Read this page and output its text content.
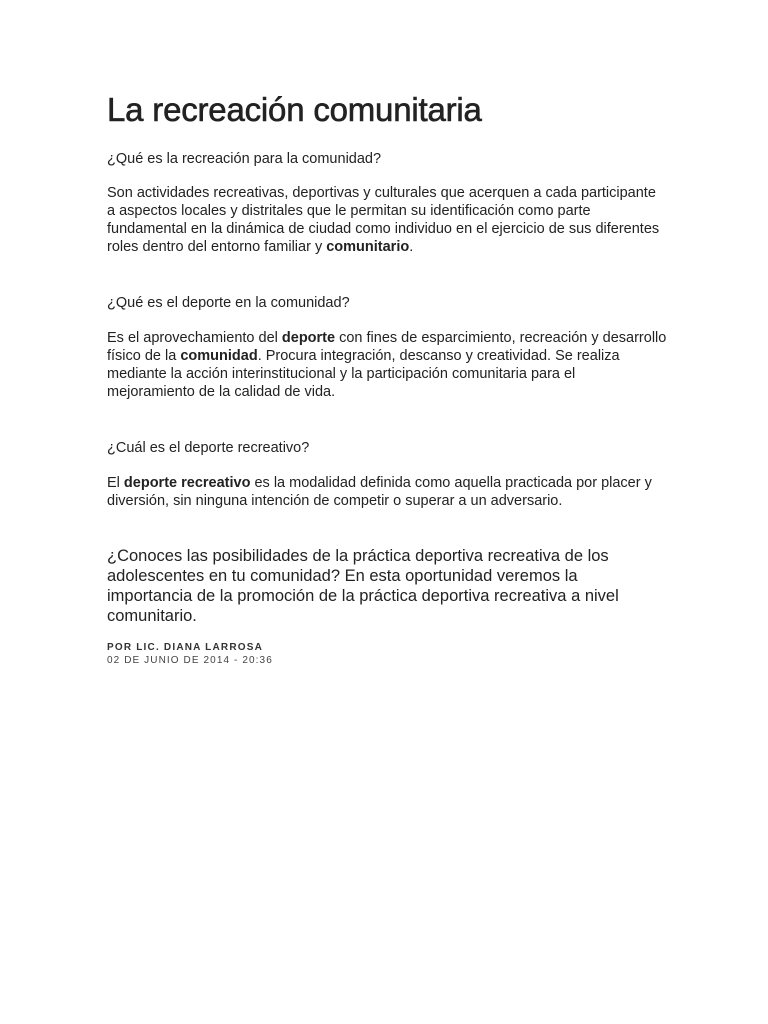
La recreación comunitaria

¿Qué es la recreación para la comunidad?

Son actividades recreativas, deportivas y culturales que acerquen a cada participante a aspectos locales y distritales que le permitan su identificación como parte fundamental en la dinámica de ciudad como individuo en el ejercicio de sus diferentes roles dentro del entorno familiar y comunitario.

¿Qué es el deporte en la comunidad?

Es el aprovechamiento del deporte con fines de esparcimiento, recreación y desarrollo físico de la comunidad. Procura integración, descanso y creatividad. Se realiza mediante la acción interinstitucional y la participación comunitaria para el mejoramiento de la calidad de vida.

¿Cuál es el deporte recreativo?

El deporte recreativo es la modalidad definida como aquella practicada por placer y diversión, sin ninguna intención de competir o superar a un adversario.

¿Conoces las posibilidades de la práctica deportiva recreativa de los adolescentes en tu comunidad? En esta oportunidad veremos la importancia de la promoción de la práctica deportiva recreativa a nivel comunitario.

POR LIC. DIANA LARROSA

02 DE JUNIO DE 2014 - 20:36
